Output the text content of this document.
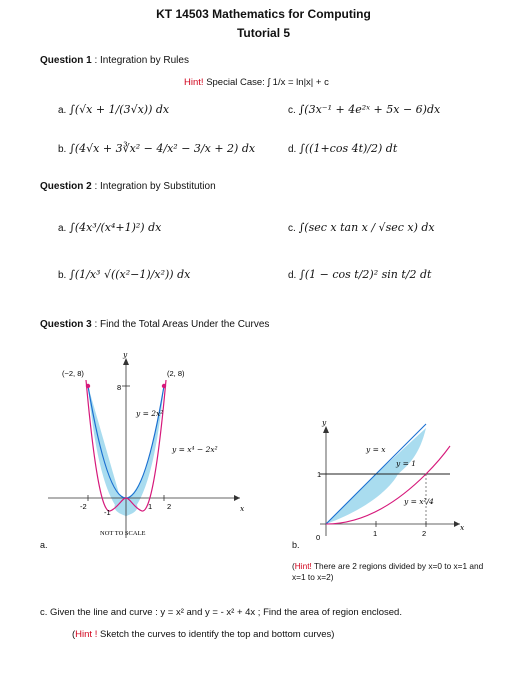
KT 14503 Mathematics for Computing
Tutorial 5
Question 1 : Integration by Rules
Hint! Special Case: ∫ 1/x = ln|x| + c
a. ∫(√x + 1/(3√x)) dx	c. ∫(3x⁻¹ + 4e²ˣ + 5x − 6)dx
b. ∫(4√x + 3∛x² − 4/x² − 3/x + 2) dx	d. ∫((1+cos 4t)/2) dt
Question 2 : Integration by Substitution
a. ∫(4x³/(x⁴+1)²) dx	c. ∫(sec x tan x / √sec x) dx
b. ∫(1/x³ √((x²−1)/x²)) dx	d. ∫(1 − cos t/2)² sin t/2 dt
Question 3 : Find the Total Areas Under the Curves
(−2, 8)	(2, 8)
8
y = 2x²
y = x⁴ − 2x²
y
x
-2
-1
1 2
NOT TO SCALE
a.
y
x
0	1	2
1
y = x
y = 1
y = x²/4
b.
(Hint! There are 2 regions divided by x=0 to x=1 and x=1 to x=2)
c. Given the line and curve : y = x² and y = - x² + 4x ; Find the area of region enclosed.
(Hint ! Sketch the curves to identify the top and bottom curves)
